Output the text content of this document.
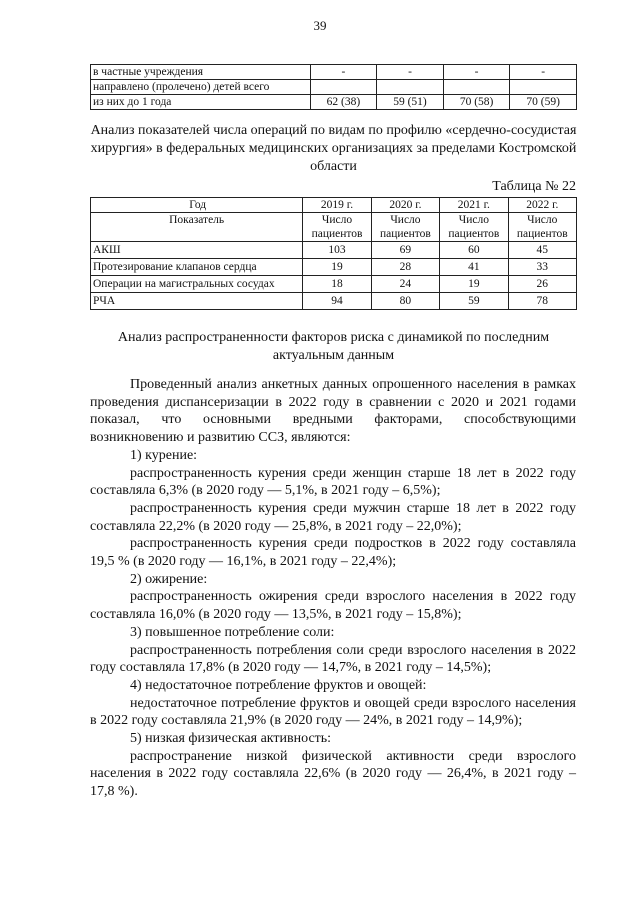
39
в частные учреждения	-	-	-	-
направлено (пролечено) детей всего				
из них до 1 года	62 (38)	59 (51)	70 (58)	70 (59)
Анализ показателей числа операций по видам по профилю «сердечно-сосудистая хирургия» в федеральных медицинских организациях за пределами Костромской области
Таблица № 22
Год	2019 г.	2020 г.	2021 г.	2022 г.
Показатель	Число пациентов	Число пациентов	Число пациентов	Число пациентов
АКШ	103	69	60	45
Протезирование клапанов сердца	19	28	41	33
Операции на магистральных сосудах	18	24	19	26
РЧА	94	80	59	78
Анализ распространенности факторов риска с динамикой по последним актуальным данным

Проведенный анализ анкетных данных опрошенного населения в рамках проведения диспансеризации в 2022 году в сравнении с 2020 и 2021 годами показал, что основными вредными факторами, способствующими возникновению и развитию ССЗ, являются:

1) курение:

распространенность курения среди женщин старше 18 лет в 2022 году составляла 6,3% (в 2020 году — 5,1%, в 2021 году – 6,5%);

распространенность курения среди мужчин старше 18 лет в 2022 году составляла 22,2% (в 2020 году — 25,8%, в 2021 году – 22,0%);

распространенность курения среди подростков в 2022 году составляла 19,5 % (в 2020 году — 16,1%, в 2021 году – 22,4%);

2) ожирение:

распространенность ожирения среди взрослого населения в 2022 году составляла 16,0% (в 2020 году — 13,5%, в 2021 году – 15,8%);

3) повышенное потребление соли:

распространенность потребления соли среди взрослого населения в 2022 году составляла 17,8% (в 2020 году — 14,7%, в 2021 году – 14,5%);

4) недостаточное потребление фруктов и овощей:

недостаточное потребление фруктов и овощей среди взрослого населения в 2022 году составляла 21,9% (в 2020 году — 24%, в 2021 году – 14,9%);

5) низкая физическая активность:

распространение низкой физической активности среди взрослого населения в 2022 году составляла 22,6% (в 2020 году — 26,4%, в 2021 году – 17,8 %).
